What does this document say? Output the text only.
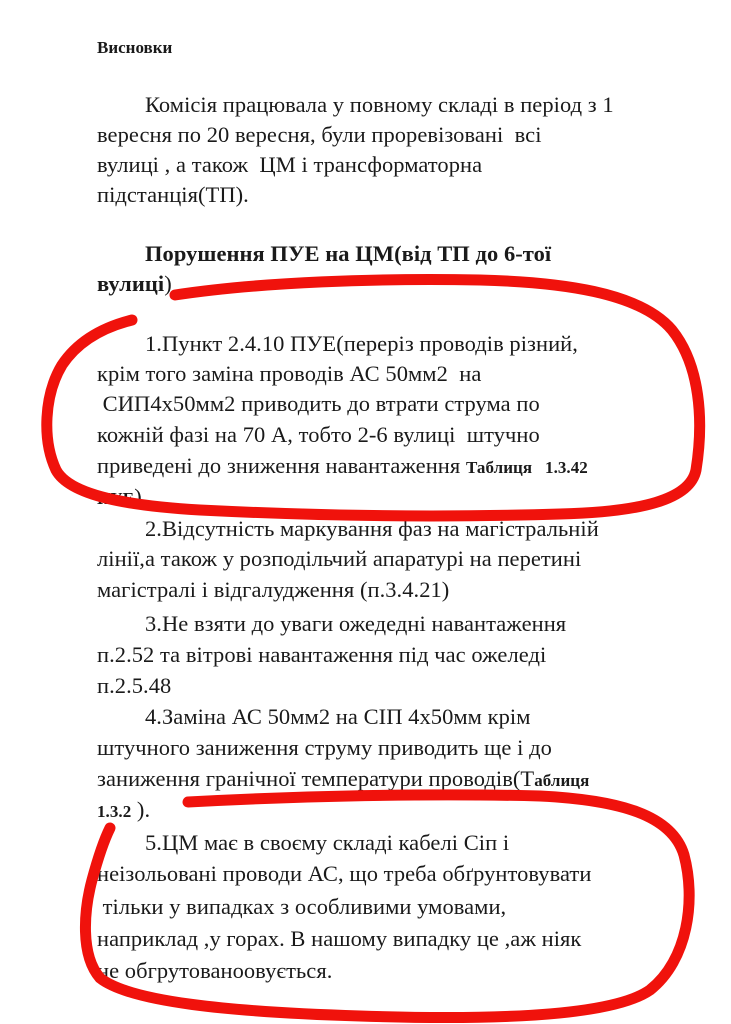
Висновки
Комісія працювала у повному складі в період з 1
вересня по 20 вересня, були проревізовані  всі
вулиці , а також  ЦМ і трансформаторна
підстанція(ТП).
Порушення ПУЕ на ЦМ(від ТП до 6-тої
вулиці)
1.Пункт 2.4.10 ПУЕ(переріз проводів різний,
крім того заміна проводів АС 50мм2  на
СИП4х50мм2 приводить до втрати струма по
кожній фазі на 70 А, тобто 2-6 вулиці  штучно
приведені до зниження навантаження Таблиця   1.3.42
ПУЕ)
2.Відсутність маркування фаз на магістральній
лінії,а також у розподільчий апаратурі на перетині
магістралі і відгалудження (п.3.4.21)
3.Не взяти до уваги ожедедні навантаження
п.2.52 та вітрові навантаження під час ожеледі
п.2.5.48
4.Заміна АС 50мм2 на СІП 4х50мм крім
штучного заниження струму приводить ще і до
заниження гранічної температури проводів(Таблиця
1.3.2 ).
5.ЦМ має в своєму складі кабелі Сіп і
неізольовані проводи АС, що треба обґрунтовувати
тільки у випадках з особливими умовами,
наприклад ,у горах. В нашому випадку це ,аж ніяк
не обгрутованоовується.
